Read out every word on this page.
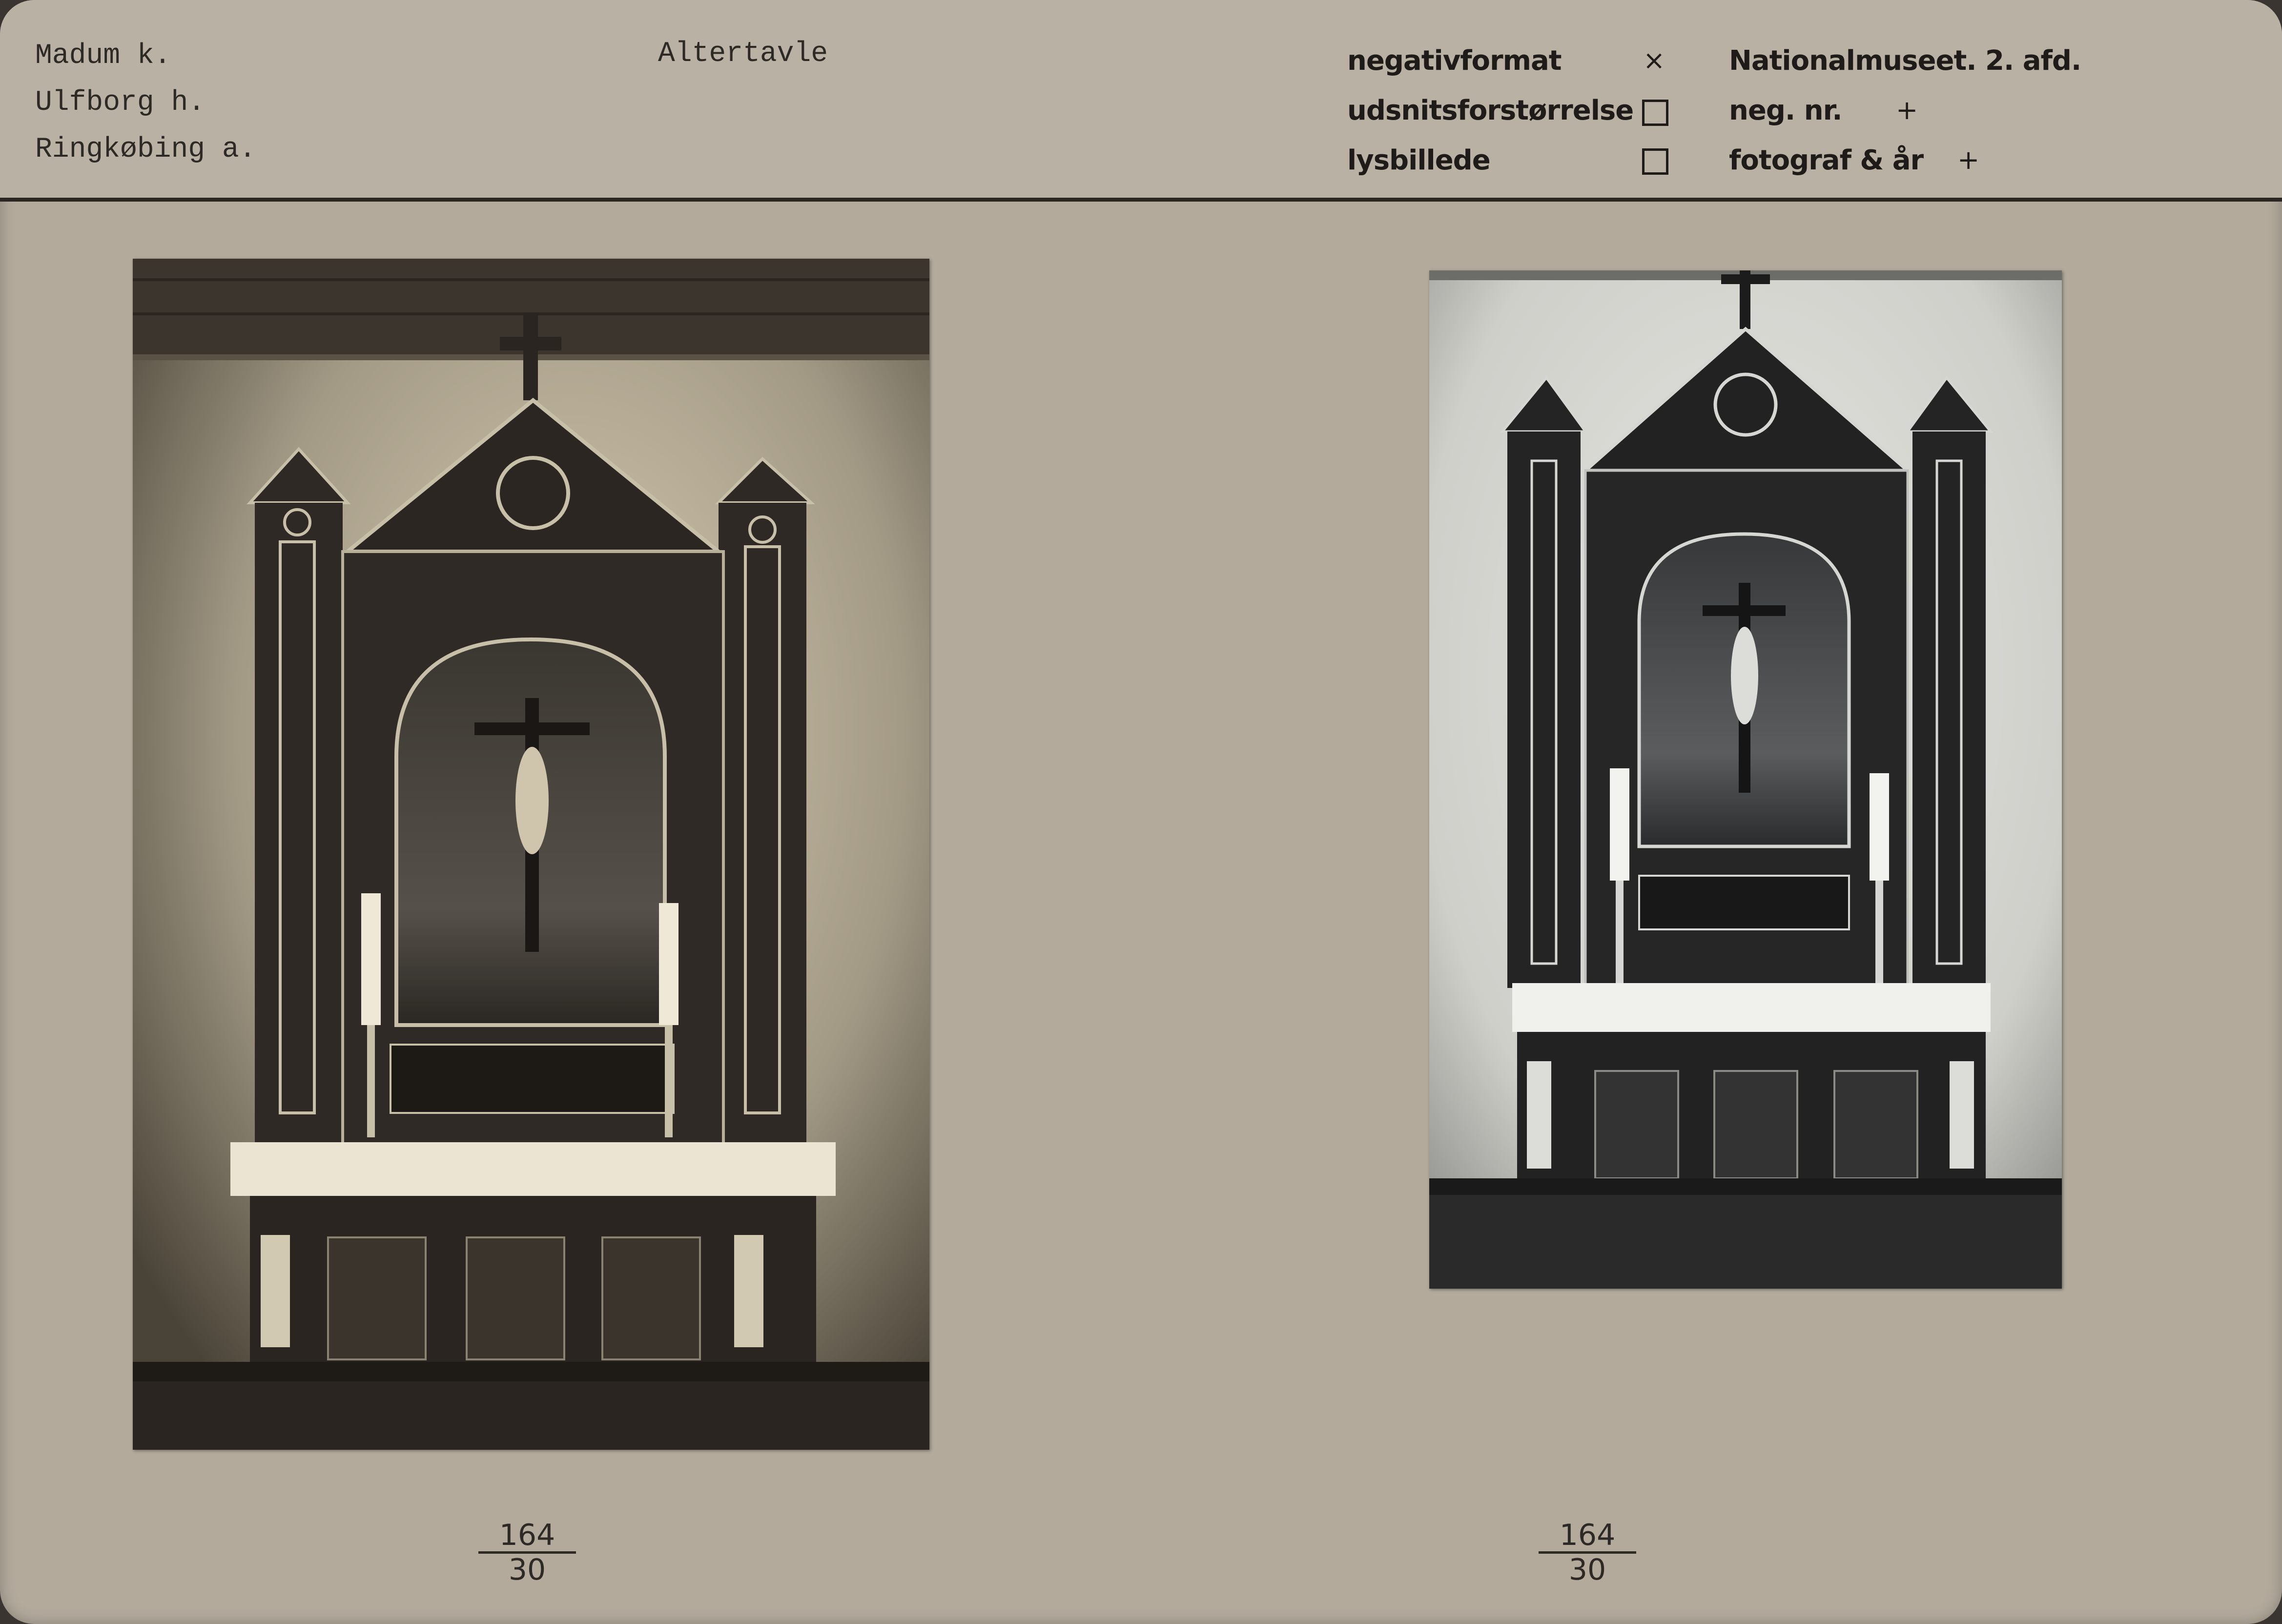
Madum k.
Ulfborg h.
Ringkøbing a.
Altertavle	negativformat	×
udsnitsforstørrelse
lysbillede
Nationalmuseet. 2. afd.
neg. nr. +
fotograf & år +
$\frac{164}{30}$	$\frac{164}{30}$
